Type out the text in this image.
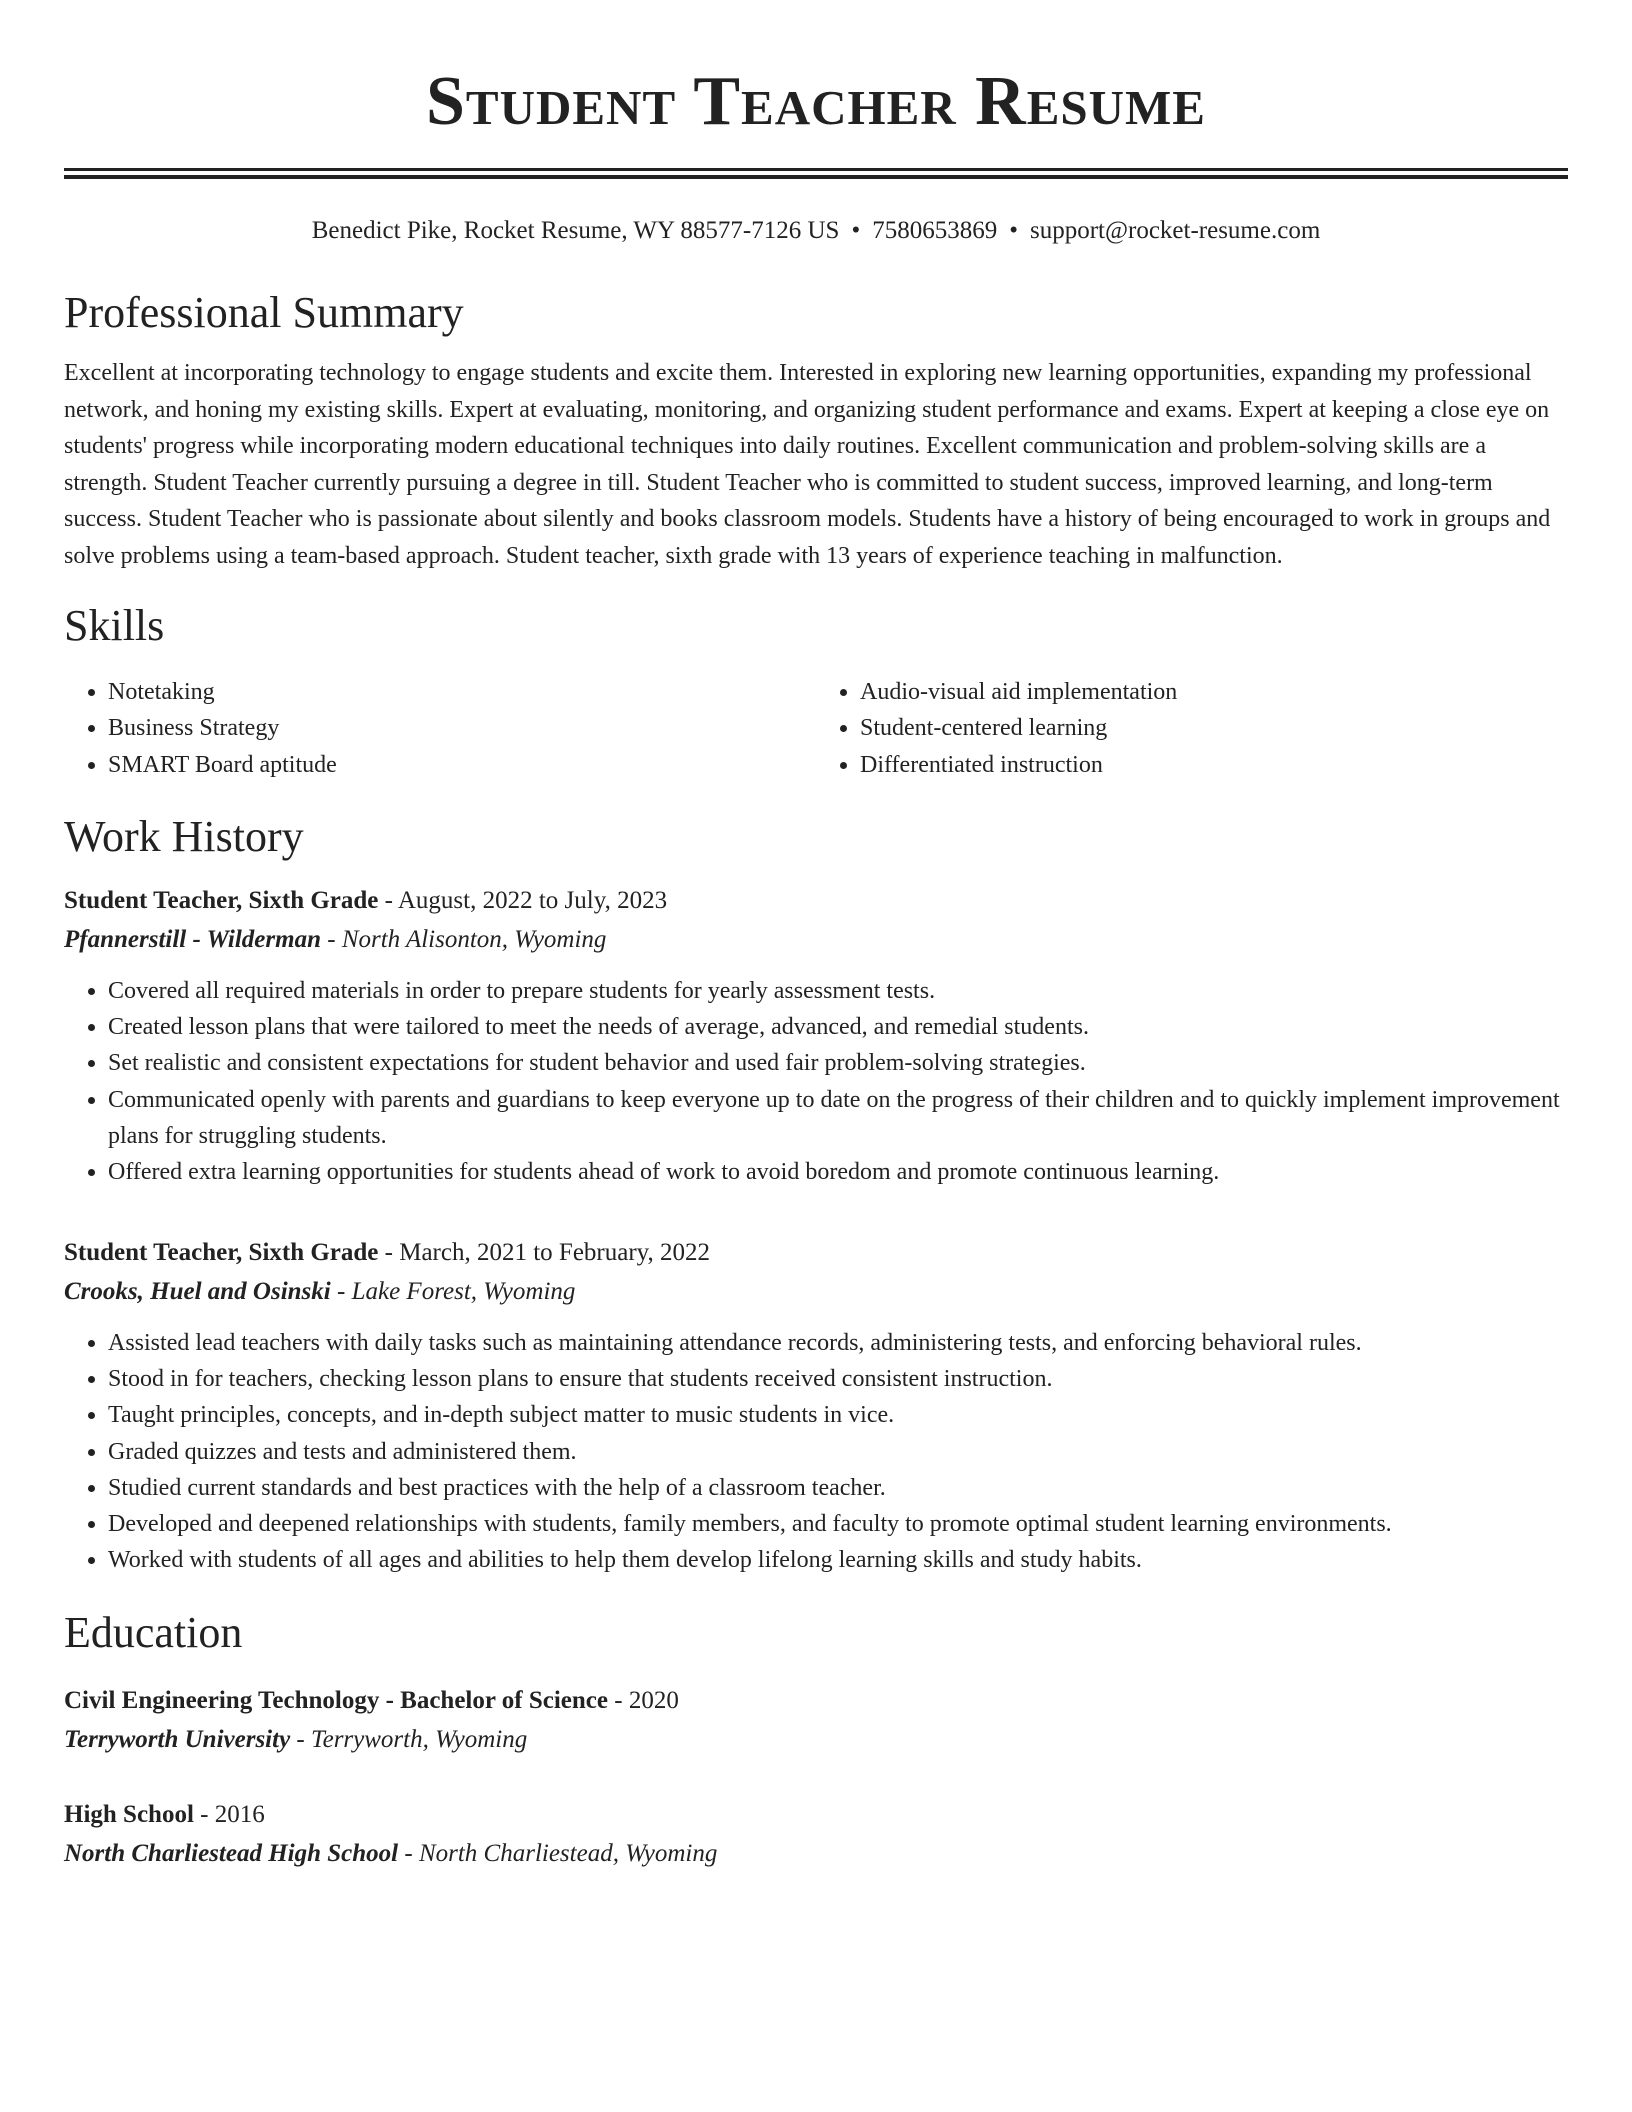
Student Teacher Resume
Benedict Pike, Rocket Resume, WY 88577-7126 US • 7580653869 • support@rocket-resume.com
Professional Summary
Excellent at incorporating technology to engage students and excite them. Interested in exploring new learning opportunities, expanding my professional network, and honing my existing skills. Expert at evaluating, monitoring, and organizing student performance and exams. Expert at keeping a close eye on students' progress while incorporating modern educational techniques into daily routines. Excellent communication and problem-solving skills are a strength. Student Teacher currently pursuing a degree in till. Student Teacher who is committed to student success, improved learning, and long-term success. Student Teacher who is passionate about silently and books classroom models. Students have a history of being encouraged to work in groups and solve problems using a team-based approach. Student teacher, sixth grade with 13 years of experience teaching in malfunction.
Skills
• Notetaking
• Business Strategy
• SMART Board aptitude
• Audio-visual aid implementation
• Student-centered learning
• Differentiated instruction
Work History
Student Teacher, Sixth Grade - August, 2022 to July, 2023
Pfannerstill - Wilderman - North Alisonton, Wyoming
• Covered all required materials in order to prepare students for yearly assessment tests.
• Created lesson plans that were tailored to meet the needs of average, advanced, and remedial students.
• Set realistic and consistent expectations for student behavior and used fair problem-solving strategies.
• Communicated openly with parents and guardians to keep everyone up to date on the progress of their children and to quickly implement improvement plans for struggling students.
• Offered extra learning opportunities for students ahead of work to avoid boredom and promote continuous learning.
Student Teacher, Sixth Grade - March, 2021 to February, 2022
Crooks, Huel and Osinski - Lake Forest, Wyoming
• Assisted lead teachers with daily tasks such as maintaining attendance records, administering tests, and enforcing behavioral rules.
• Stood in for teachers, checking lesson plans to ensure that students received consistent instruction.
• Taught principles, concepts, and in-depth subject matter to music students in vice.
• Graded quizzes and tests and administered them.
• Studied current standards and best practices with the help of a classroom teacher.
• Developed and deepened relationships with students, family members, and faculty to promote optimal student learning environments.
• Worked with students of all ages and abilities to help them develop lifelong learning skills and study habits.
Education
Civil Engineering Technology - Bachelor of Science - 2020
Terryworth University - Terryworth, Wyoming
High School - 2016
North Charliestead High School - North Charliestead, Wyoming
